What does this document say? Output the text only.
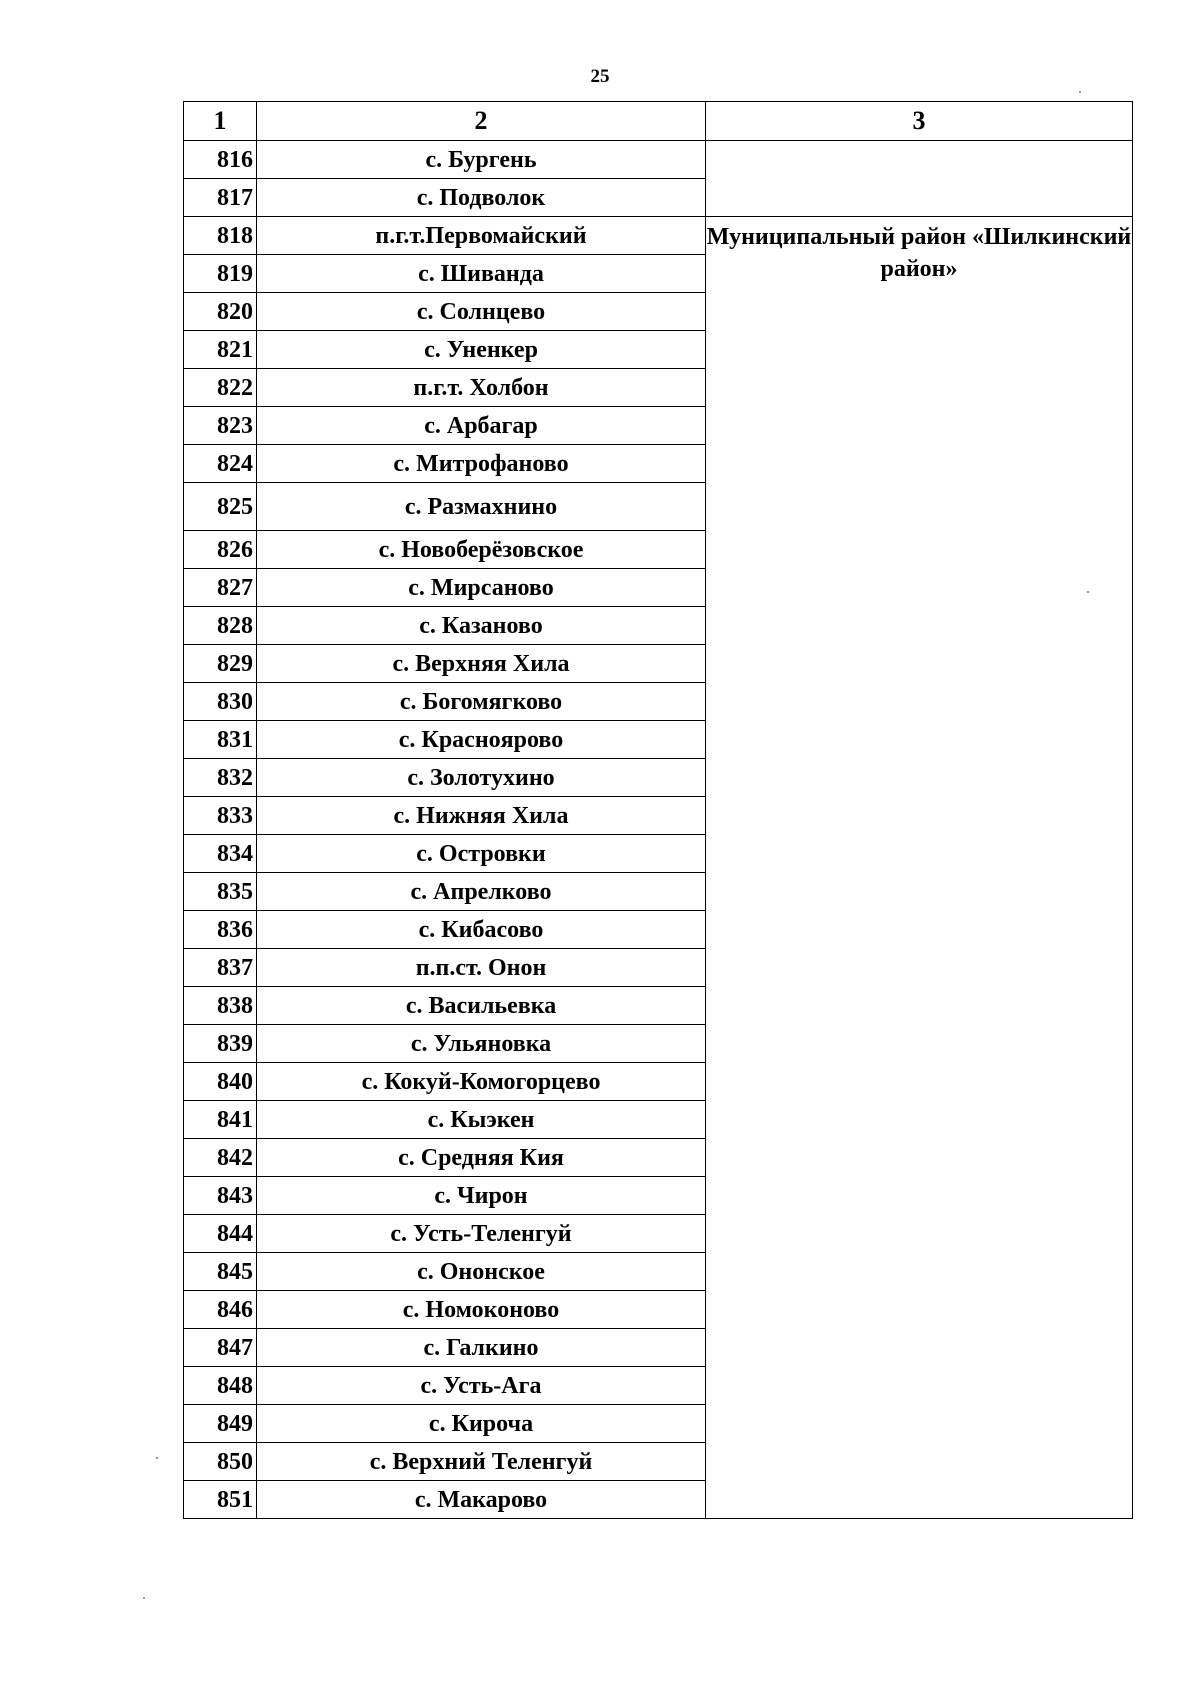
25
1	2	3
816	с. Бургень	
817	с. Подволок	
818	п.г.т.Первомайский	Муниципальный район «Шилкинский район»
819	с. Шиванда	
820	с. Солнцево	
821	с. Уненкер	
822	п.г.т. Холбон	
823	с. Арбагар	
824	с. Митрофаново	
825	с. Размахнино	
826	с. Новоберёзовское	
827	с. Мирсаново	
828	с. Казаново	
829	с. Верхняя Хила	
830	с. Богомягково	
831	с. Краснoярово	
832	с. Золотухино	
833	с. Нижняя Хила	
834	с. Островки	
835	с. Апрелково	
836	с. Кибасово	
837	п.п.ст. Онон	
838	с. Васильевка	
839	с. Ульяновка	
840	с. Кокуй-Комогорцево	
841	с. Кыэкен	
842	с. Средняя Кия	
843	с. Чирон	
844	с. Усть-Теленгуй	
845	с. Ононское	
846	с. Номоконово	
847	с. Галкино	
848	с. Усть-Ага	
849	с. Кироча	
850	с. Верхний Теленгуй	
851	с. Макарово	
